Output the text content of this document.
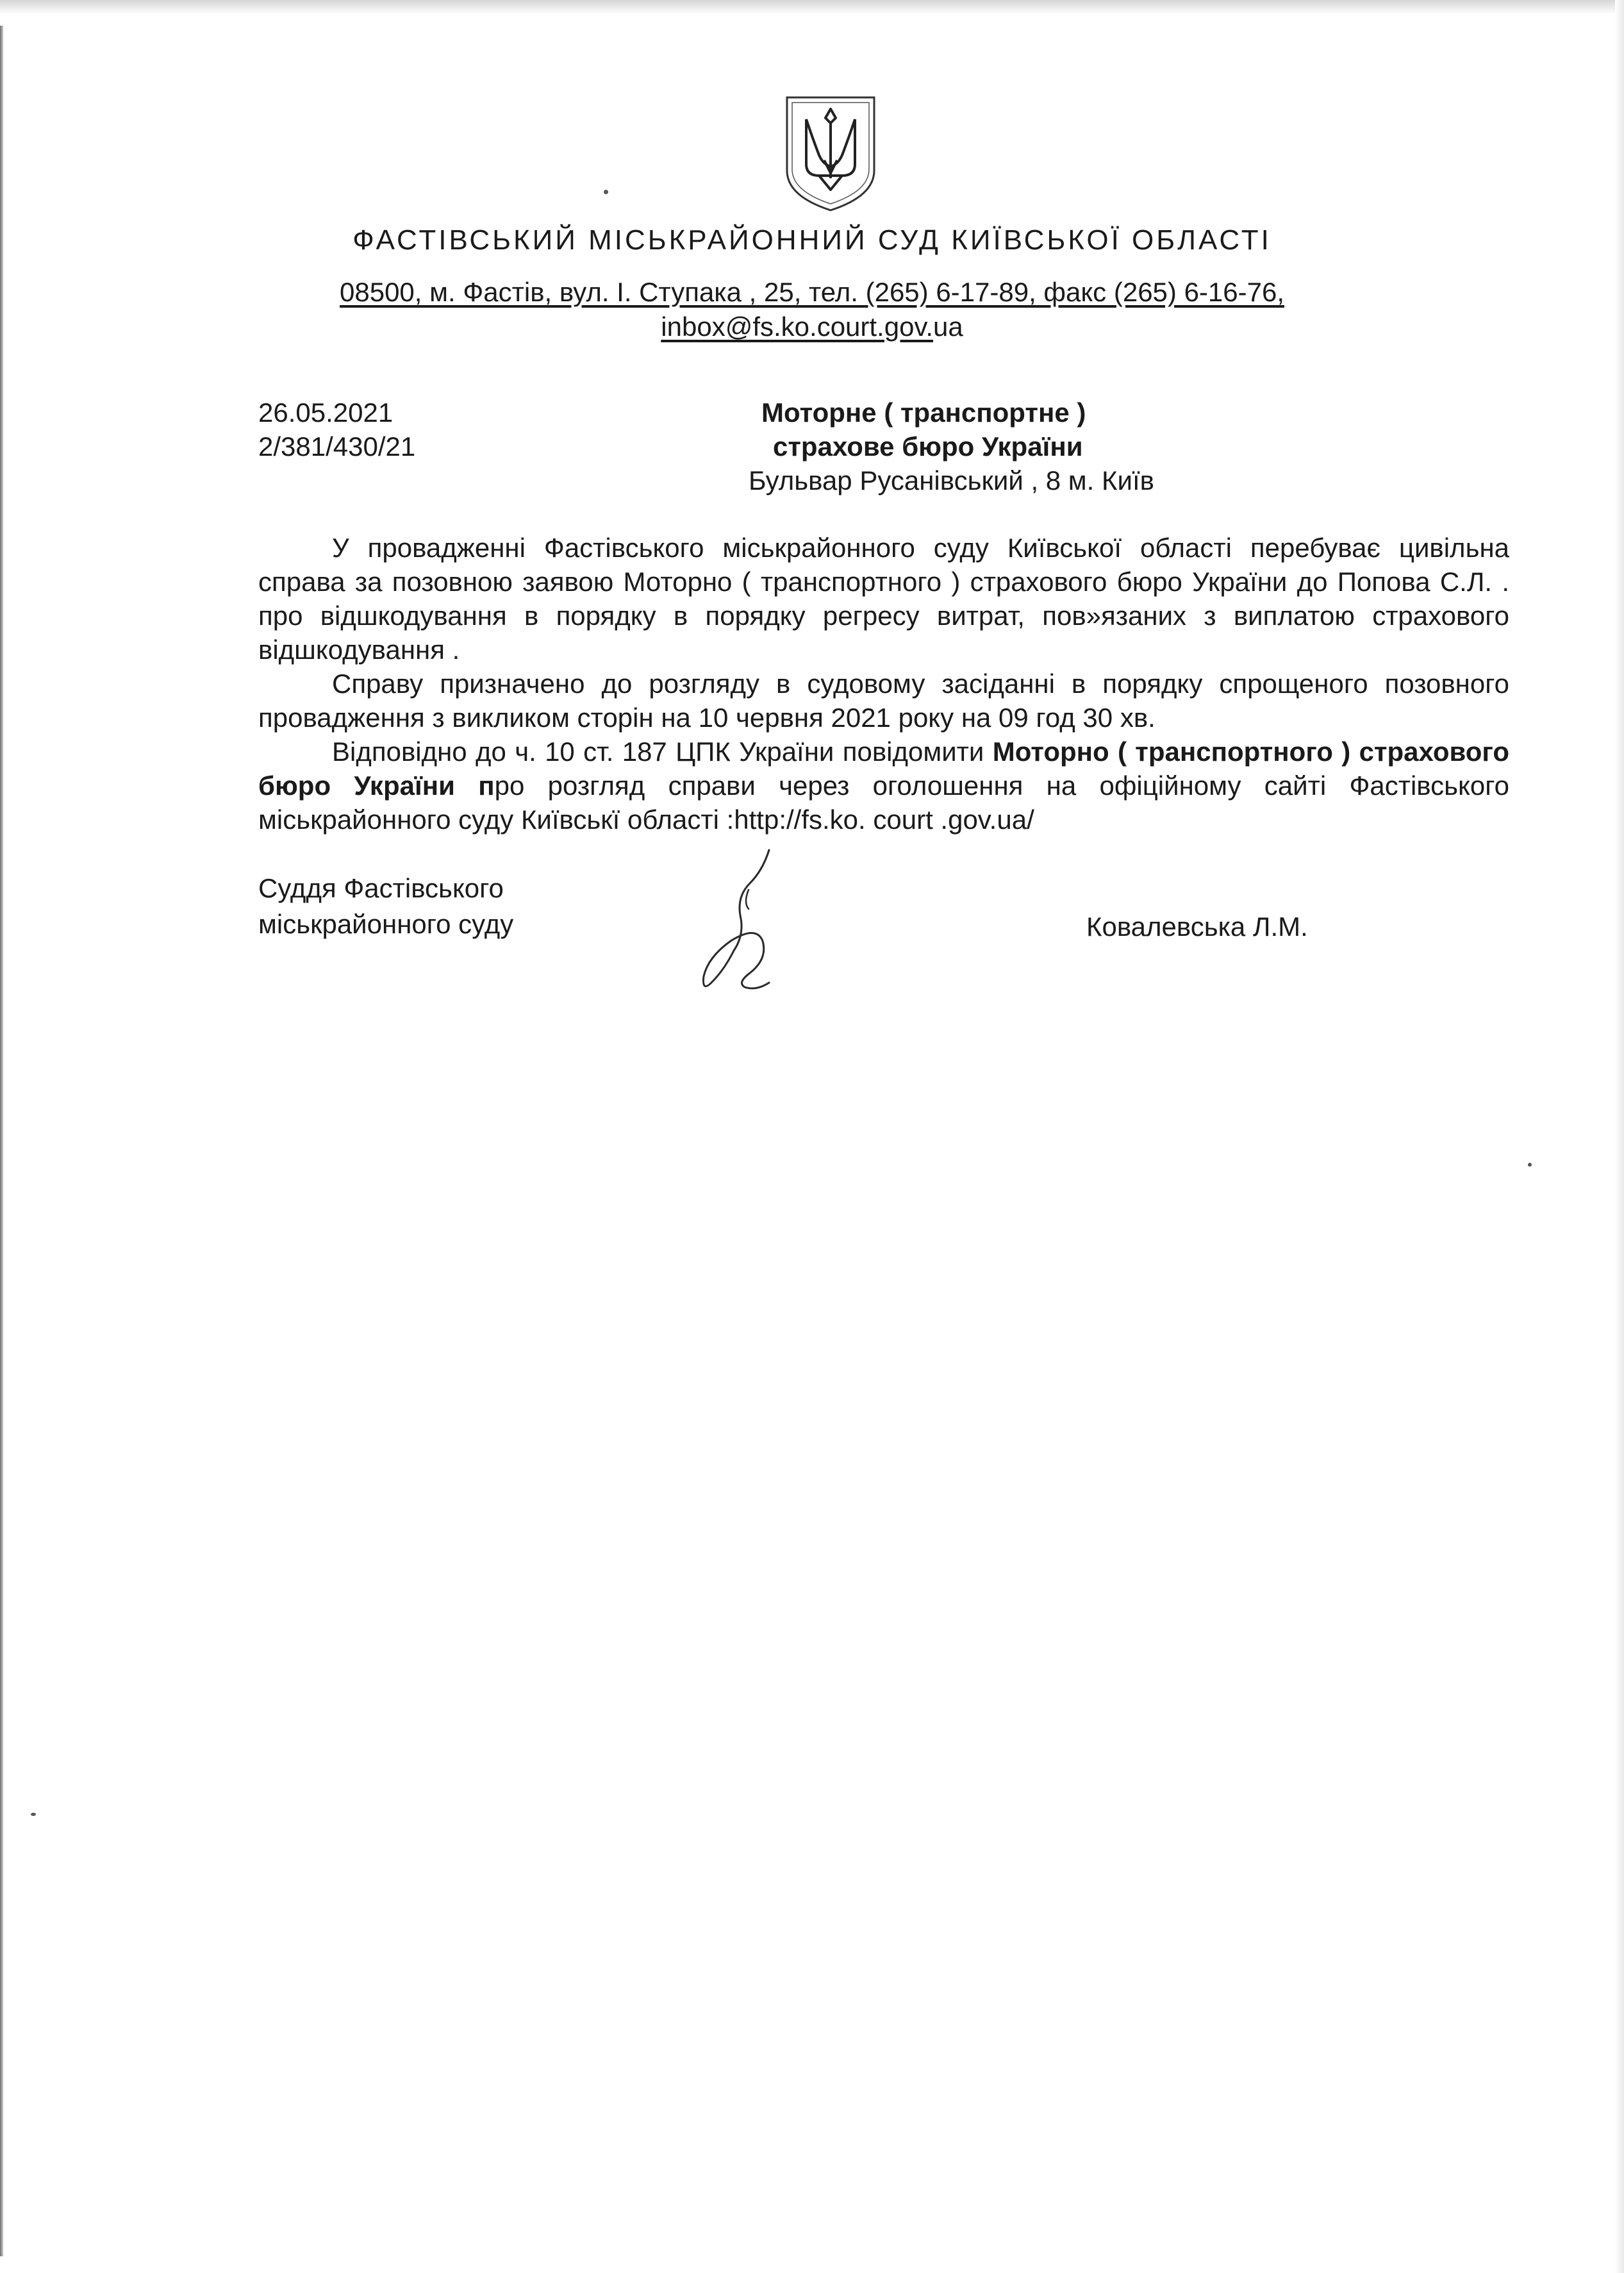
ФАСТІВСЬКИЙ МІСЬКРАЙОННИЙ СУД КИЇВСЬКОЇ ОБЛАСТІ
08500, м. Фастів, вул. І. Ступака , 25, тел. (265) 6-17-89, факс (265) 6-16-76,
inbox@fs.ko.court.gov.ua
26.05.2021
2/381/430/21
Моторне ( транспортне )
страхове бюро України
Бульвар Русанівський , 8 м. Київ

У провадженні Фастівського міськрайонного суду Київської області перебуває цивільна справа за позовною заявою Моторно ( транспортного ) страхового бюро України до Попова С.Л. . про відшкодування в порядку в порядку регресу витрат, пов»язаних з виплатою страхового відшкодування .

Справу призначено до розгляду в судовому засіданні в порядку спрощеного позовного провадження з викликом сторін на 10 червня 2021 року на 09 год 30 хв.

Відповідно до ч. 10 ст. 187 ЦПК України повідомити Моторно ( транспортного ) страхового бюро України про розгляд справи через оголошення на офіційному сайті Фастівського міськрайонного суду Київськї області :http://fs.ko. court .gov.ua/

Суддя Фастівського
міськрайонного суду	Ковалевська Л.М.
